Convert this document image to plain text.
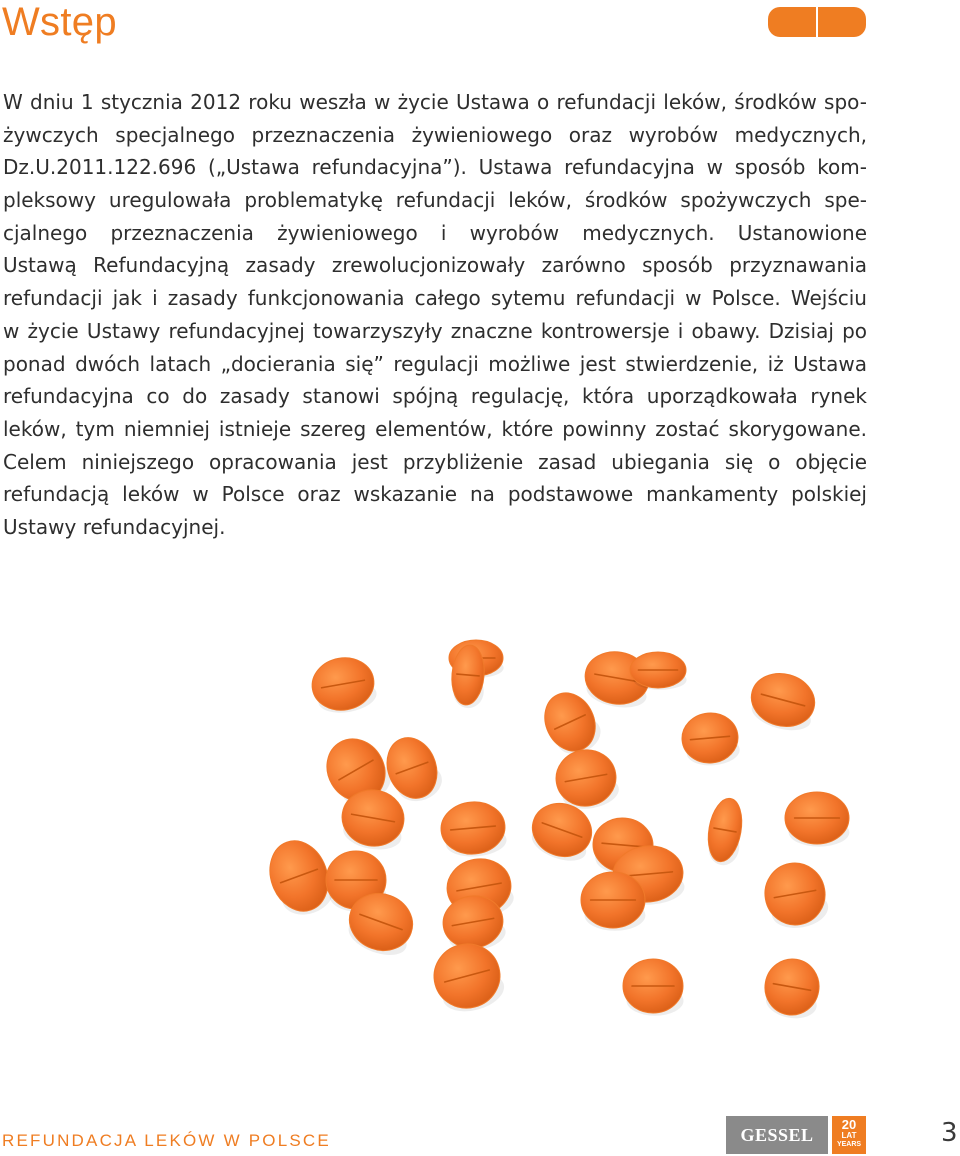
Wstęp

W dniu 1 stycznia 2012 roku weszła w życie Ustawa o refundacji leków, środków spo-
żywczych specjalnego przeznaczenia żywieniowego oraz wyrobów medycznych,
Dz.U.2011.122.696 („Ustawa refundacyjna”). Ustawa refundacyjna w sposób kom-
pleksowy uregulowała problematykę refundacji leków, środków spożywczych spe-
cjalnego przeznaczenia żywieniowego i wyrobów medycznych. Ustanowione
Ustawą Refundacyjną zasady zrewolucjonizowały zarówno sposób przyznawania
refundacji jak i zasady funkcjonowania całego sytemu refundacji w Polsce. Wejściu
w życie Ustawy refundacyjnej towarzyszyły znaczne kontrowersje i obawy. Dzisiaj po
ponad dwóch latach „docierania się” regulacji możliwe jest stwierdzenie, iż Ustawa
refundacyjna co do zasady stanowi spójną regulację, która uporządkowała rynek
leków, tym niemniej istnieje szereg elementów, które powinny zostać skorygowane.
Celem niniejszego opracowania jest przybliżenie zasad ubiegania się o objęcie
refundacją leków w Polsce oraz wskazanie na podstawowe mankamenty polskiej
Ustawy refundacyjnej.

REFUNDACJA LEKÓW W POLSCE	GESSEL
20
LAT
YEARS	3
